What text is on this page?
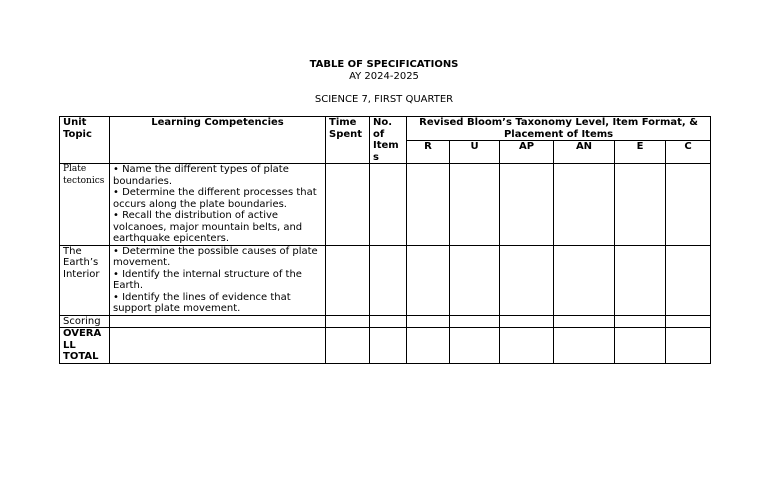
TABLE OF SPECIFICATIONS
AY 2024-2025
SCIENCE 7, FIRST QUARTER
Unit Topic	Learning Competencies	Time Spent	No. of Item s	Revised Bloom’s Taxonomy Level, Item Format, & Placement of Items					
				R	U	AP	AN	E	C
Plate tectonics	• Name the different types of plate boundaries.
• Determine the different processes that occurs along the plate boundaries.
• Recall the distribution of active volcanoes, major mountain belts, and earthquake epicenters.								

The Earth’s Interior	• Determine the possible causes of plate movement.
• Identify the internal structure of the Earth.
• Identify the lines of evidence that support plate movement.								

Scoring									
OVERA LL TOTAL									
